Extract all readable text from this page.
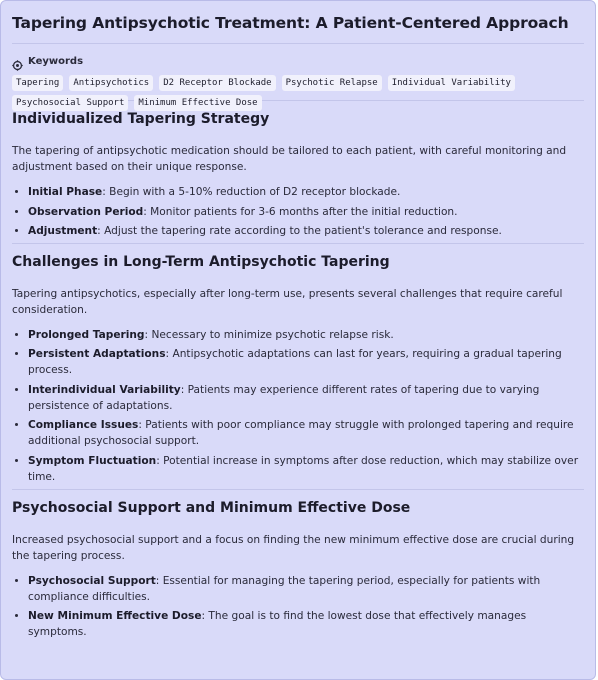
Tapering Antipsychotic Treatment: A Patient-Centered Approach
Keywords
Tapering	Antipsychotics	D2 Receptor Blockade	Psychotic Relapse	Individual Variability
Psychosocial Support	Minimum Effective Dose
Individualized Tapering Strategy

The tapering of antipsychotic medication should be tailored to each patient, with careful monitoring and adjustment based on their unique response.

• Initial Phase: Begin with a 5-10% reduction of D2 receptor blockade.
• Observation Period: Monitor patients for 3-6 months after the initial reduction.
• Adjustment: Adjust the tapering rate according to the patient's tolerance and response.
Challenges in Long-Term Antipsychotic Tapering

Tapering antipsychotics, especially after long-term use, presents several challenges that require careful consideration.

• Prolonged Tapering: Necessary to minimize psychotic relapse risk.
• Persistent Adaptations: Antipsychotic adaptations can last for years, requiring a gradual tapering process.
• Interindividual Variability: Patients may experience different rates of tapering due to varying persistence of adaptations.
• Compliance Issues: Patients with poor compliance may struggle with prolonged tapering and require additional psychosocial support.
• Symptom Fluctuation: Potential increase in symptoms after dose reduction, which may stabilize over time.
Psychosocial Support and Minimum Effective Dose

Increased psychosocial support and a focus on finding the new minimum effective dose are crucial during the tapering process.

• Psychosocial Support: Essential for managing the tapering period, especially for patients with compliance difficulties.
• New Minimum Effective Dose: The goal is to find the lowest dose that effectively manages symptoms.
